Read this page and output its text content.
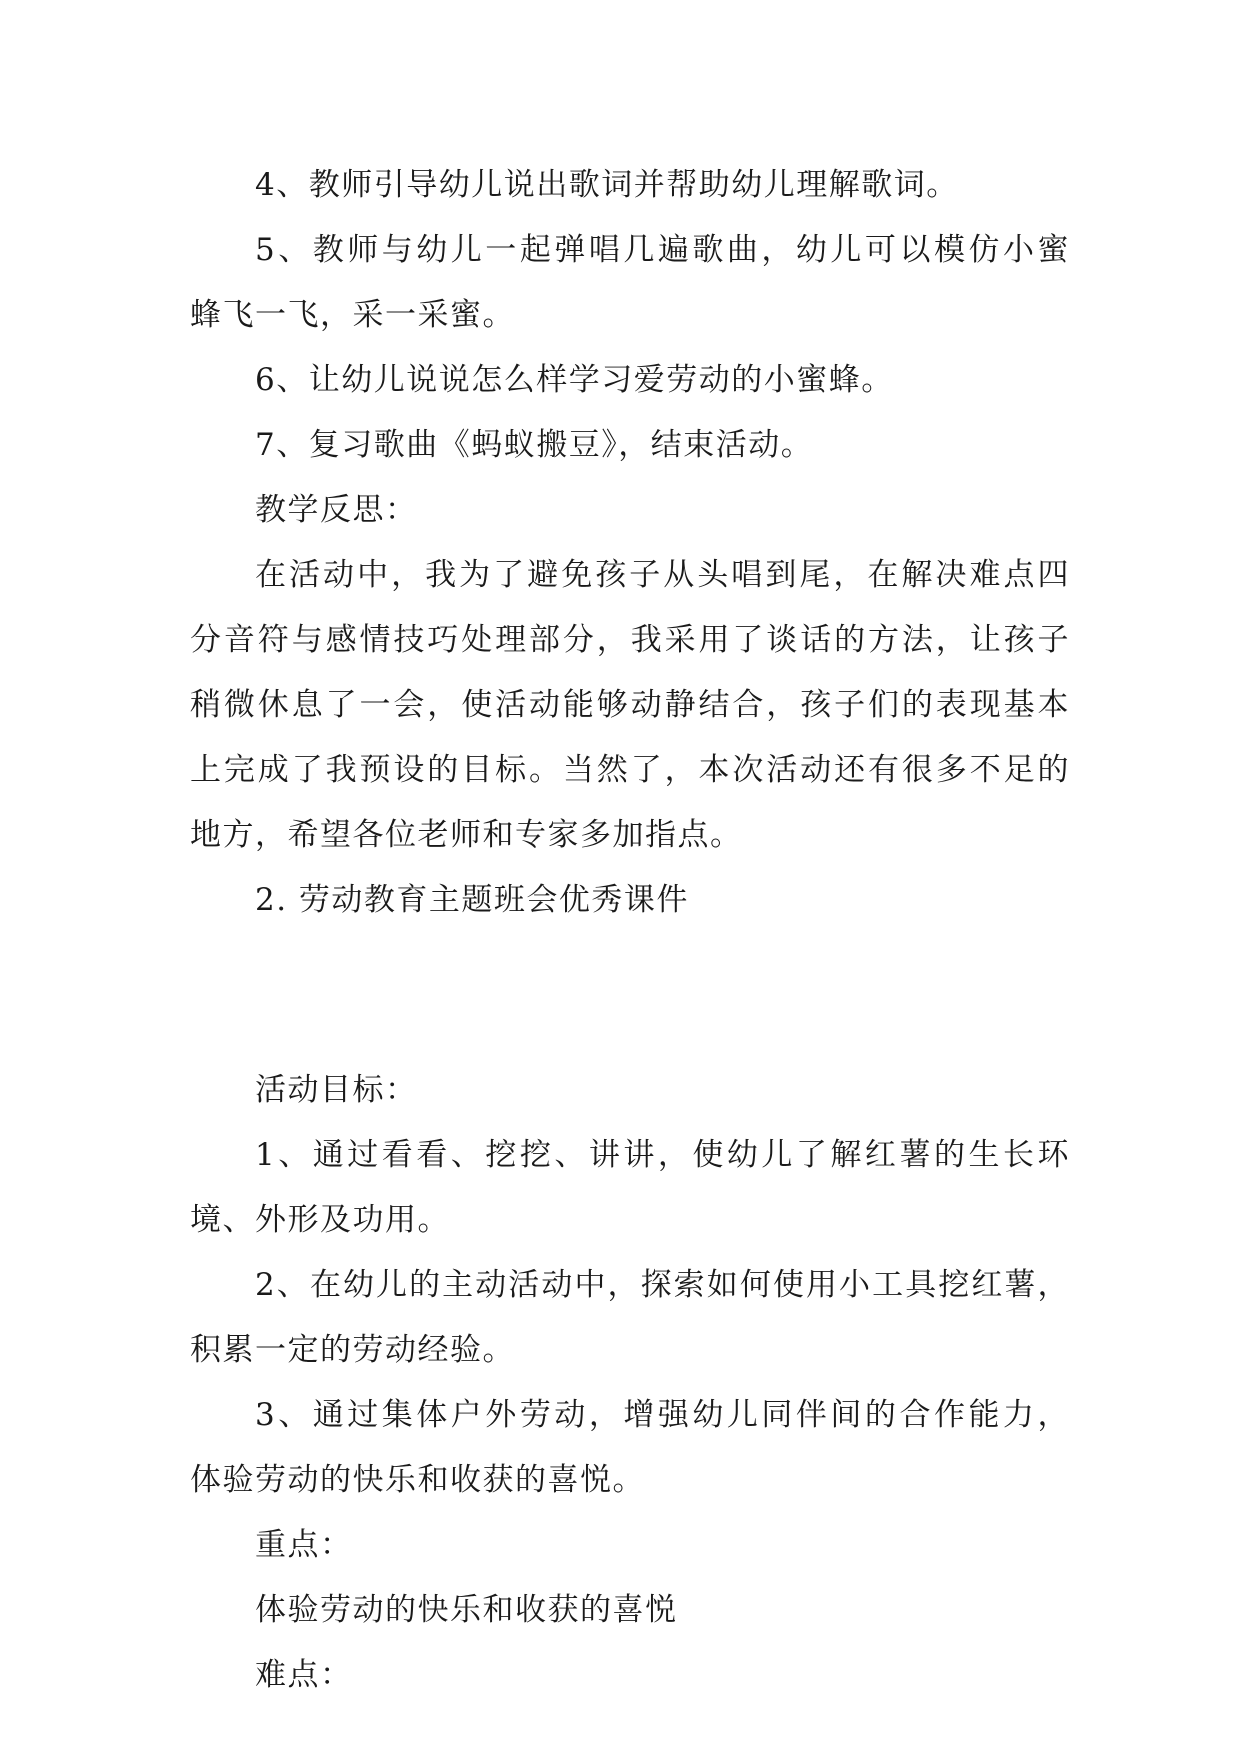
4、教师引导幼儿说出歌词并帮助幼儿理解歌词。

5、教师与幼儿一起弹唱几遍歌曲，幼儿可以模仿小蜜

蜂飞一飞，采一采蜜。

6、让幼儿说说怎么样学习爱劳动的小蜜蜂。

7、复习歌曲《蚂蚁搬豆》，结束活动。

教学反思：

在活动中，我为了避免孩子从头唱到尾，在解决难点四

分音符与感情技巧处理部分，我采用了谈话的方法，让孩子

稍微休息了一会，使活动能够动静结合，孩子们的表现基本

上完成了我预设的目标。当然了，本次活动还有很多不足的

地方，希望各位老师和专家多加指点。

2. 劳动教育主题班会优秀课件

活动目标：

1、通过看看、挖挖、讲讲，使幼儿了解红薯的生长环

境、外形及功用。

2、在幼儿的主动活动中，探索如何使用小工具挖红薯，

积累一定的劳动经验。

3、通过集体户外劳动，增强幼儿同伴间的合作能力，

体验劳动的快乐和收获的喜悦。

重点：

体验劳动的快乐和收获的喜悦

难点：
